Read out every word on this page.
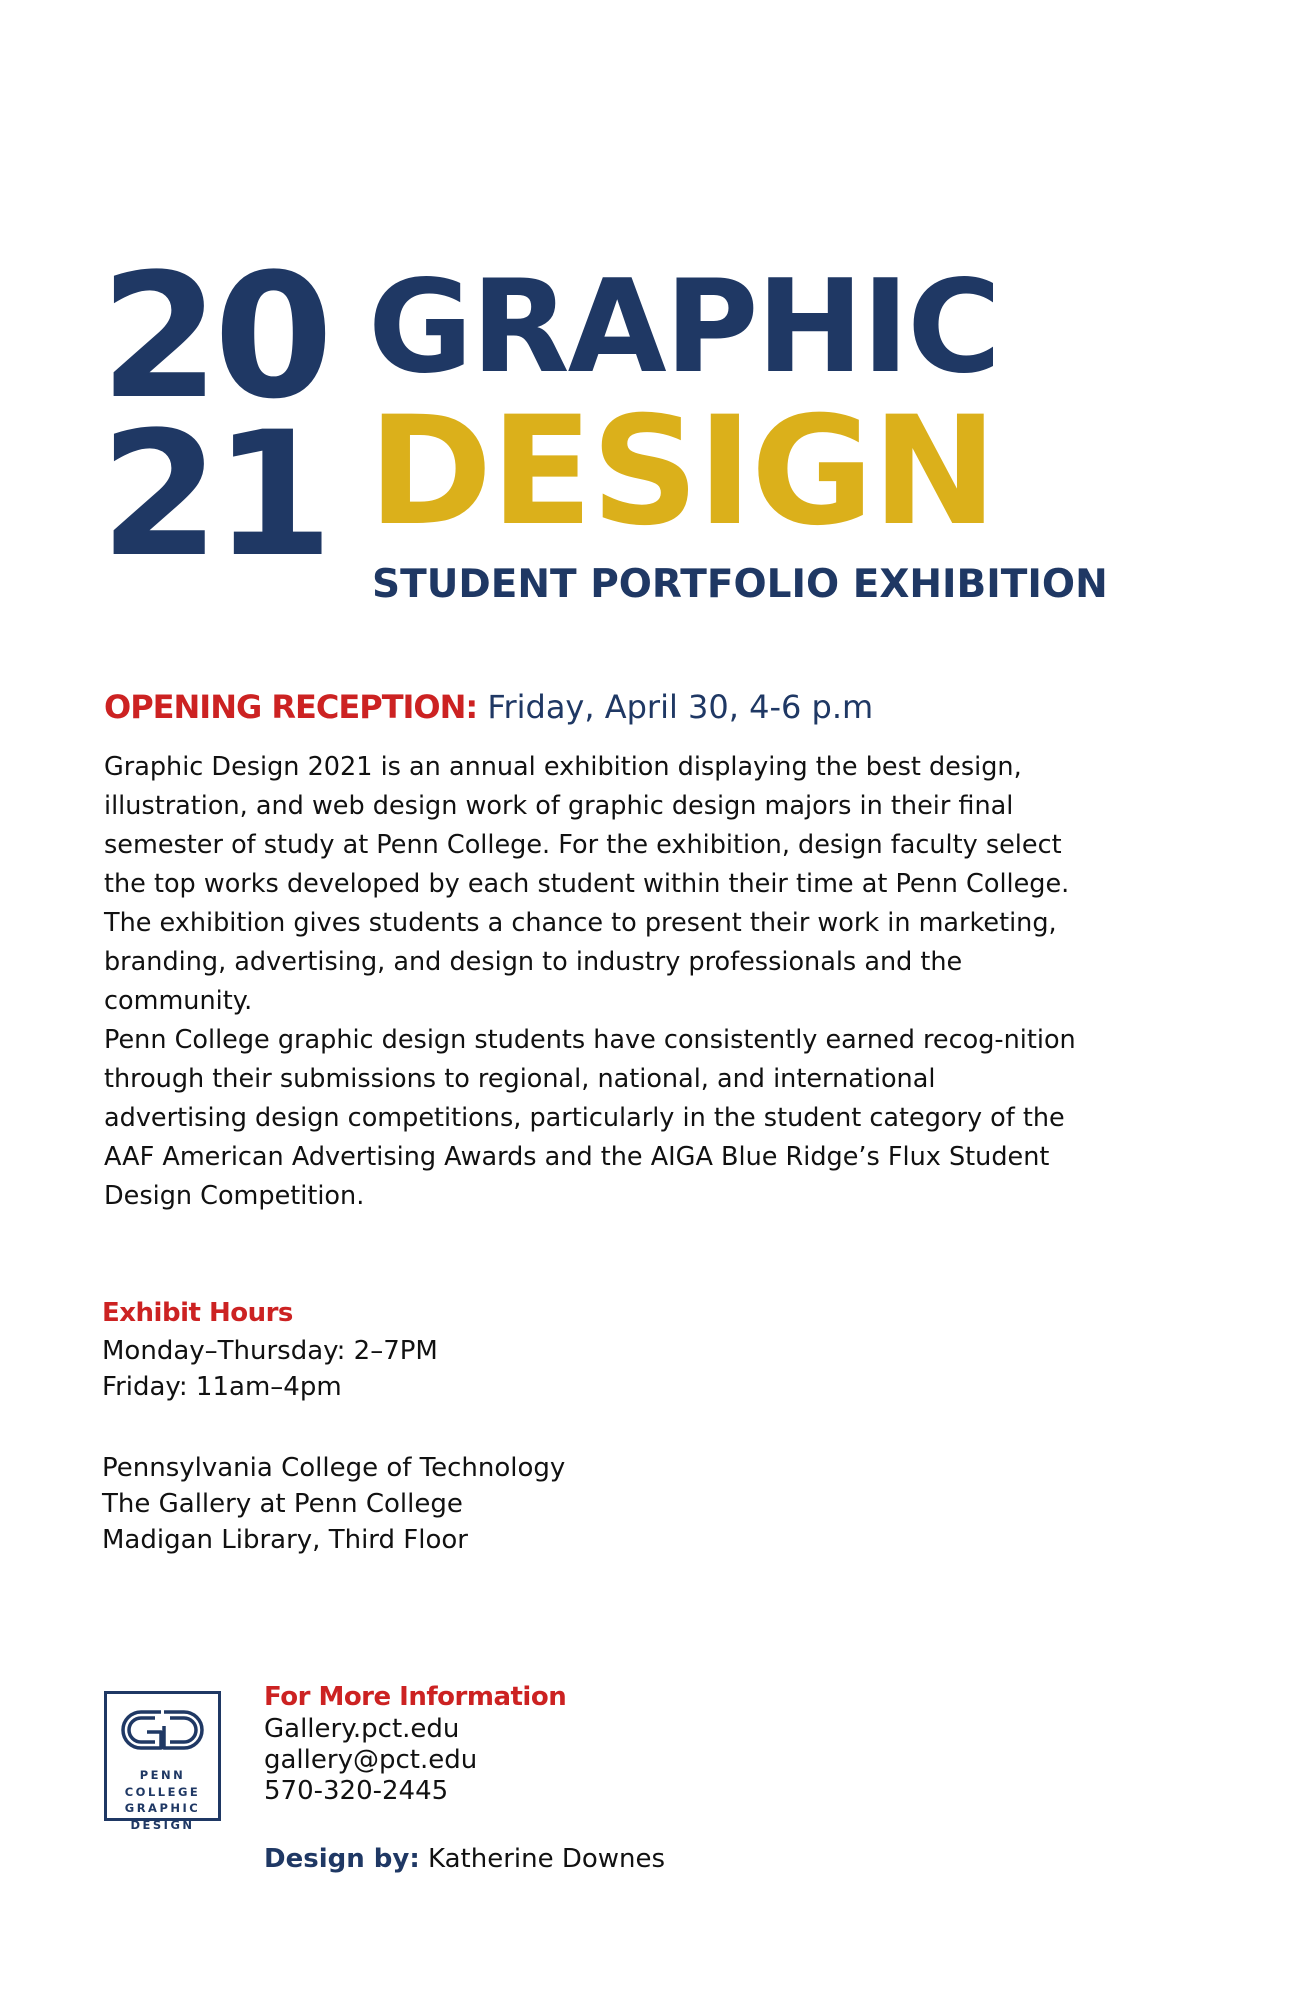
20
21
GRAPHIC
DESIGN
STUDENT PORTFOLIO EXHIBITION
OPENING RECEPTION: Friday, April 30, 4-6 p.m

Graphic Design 2021 is an annual exhibition displaying the best design, illustration, and web design work of graphic design majors in their final semester of study at Penn College. For the exhibition, design faculty select the top works developed by each student within their time at Penn College. The exhibition gives students a chance to present their work in marketing, branding, advertising, and design to industry professionals and the community.

Penn College graphic design students have consistently earned recog-nition through their submissions to regional, national, and international advertising design competitions, particularly in the student category of the AAF American Advertising Awards and the AIGA Blue Ridge’s Flux Student Design Competition.

Exhibit Hours
Monday–Thursday: 2–7PM
Friday: 11am–4pm
Pennsylvania College of Technology
The Gallery at Penn College
Madigan Library, Third Floor
PENN
COLLEGE
GRAPHIC
DESIGN
For More Information
Gallery.pct.edu
gallery@pct.edu
570-320-2445
Design by: Katherine Downes
